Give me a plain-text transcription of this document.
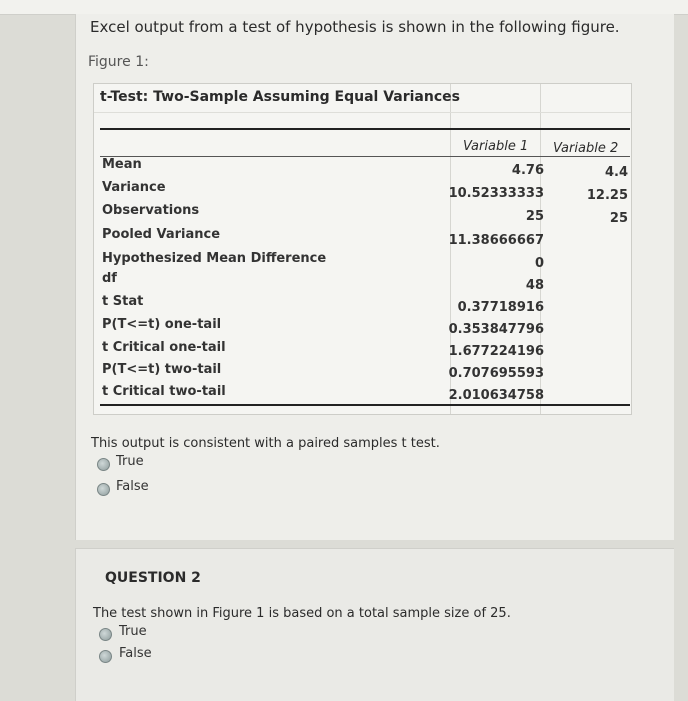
Excel output from a test of hypothesis is shown in the following figure.
Figure 1:
t-Test: Two-Sample Assuming Equal Variances
Variable 1 Variable 2
Mean	4.76	4.4
Variance	10.52333333	12.25
Observations	25	25
Pooled Variance	11.38666667
Hypothesized Mean Difference	0
df	48
t Stat	0.37718916
P(T<=t) one-tail	0.353847796
t Critical one-tail	1.677224196
P(T<=t) two-tail	0.707695593
t Critical two-tail	2.010634758
This output is consistent with a paired samples t test.
True
False
QUESTION 2
The test shown in Figure 1 is based on a total sample size of 25.
True
False
